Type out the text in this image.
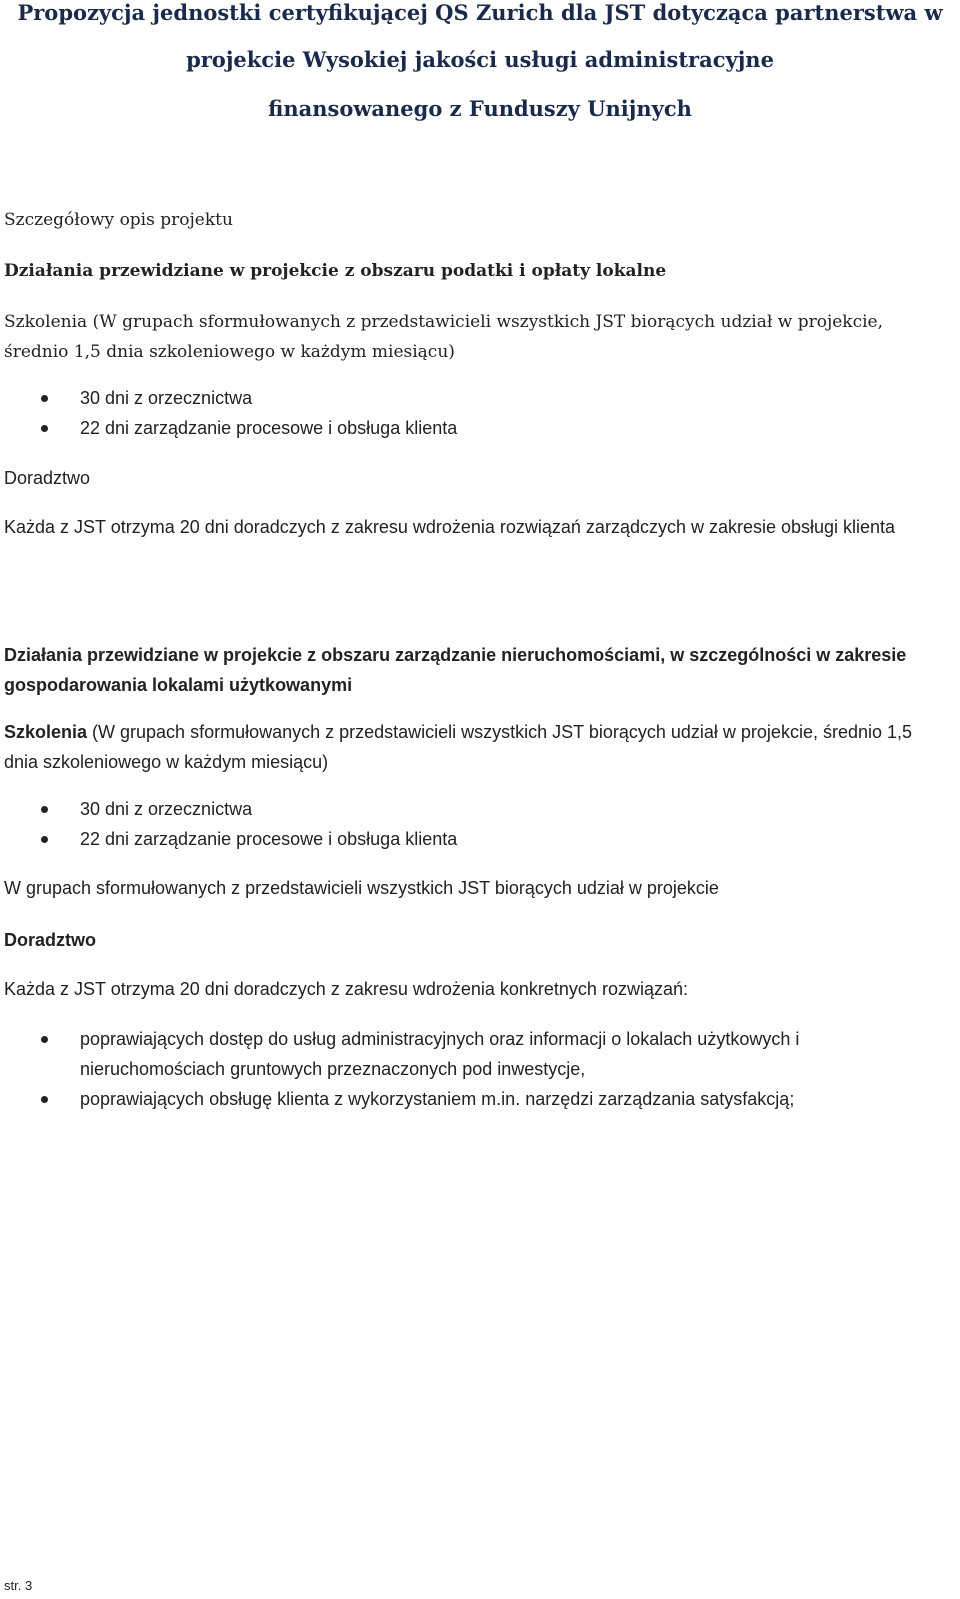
Propozycja jednostki certyfikującej QS Zurich dla JST dotycząca partnerstwa w
projekcie Wysokiej jakości usługi administracyjne
finansowanego z Funduszy Unijnych

Szczegółowy opis projektu

Działania przewidziane w projekcie z obszaru podatki i opłaty lokalne

Szkolenia (W grupach sformułowanych z przedstawicieli wszystkich JST biorących udział w projekcie, średnio 1,5 dnia szkoleniowego w każdym miesiącu)

30 dni z orzecznictwa
22 dni zarządzanie procesowe i obsługa klienta

Doradztwo

Każda z JST otrzyma 20 dni doradczych z zakresu wdrożenia rozwiązań zarządczych w zakresie obsługi klienta

Działania przewidziane w projekcie z obszaru zarządzanie nieruchomościami, w szczególności w zakresie gospodarowania lokalami użytkowanymi

Szkolenia (W grupach sformułowanych z przedstawicieli wszystkich JST biorących udział w projekcie, średnio 1,5 dnia szkoleniowego w każdym miesiącu)

30 dni z orzecznictwa
22 dni zarządzanie procesowe i obsługa klienta

W grupach sformułowanych z przedstawicieli wszystkich JST biorących udział w projekcie

Doradztwo

Każda z JST otrzyma 20 dni doradczych z zakresu wdrożenia konkretnych rozwiązań:

poprawiających dostęp do usług administracyjnych oraz informacji o lokalach użytkowych i nieruchomościach gruntowych przeznaczonych pod inwestycje,
poprawiających obsługę klienta z wykorzystaniem m.in. narzędzi zarządzania satysfakcją;
str. 3
